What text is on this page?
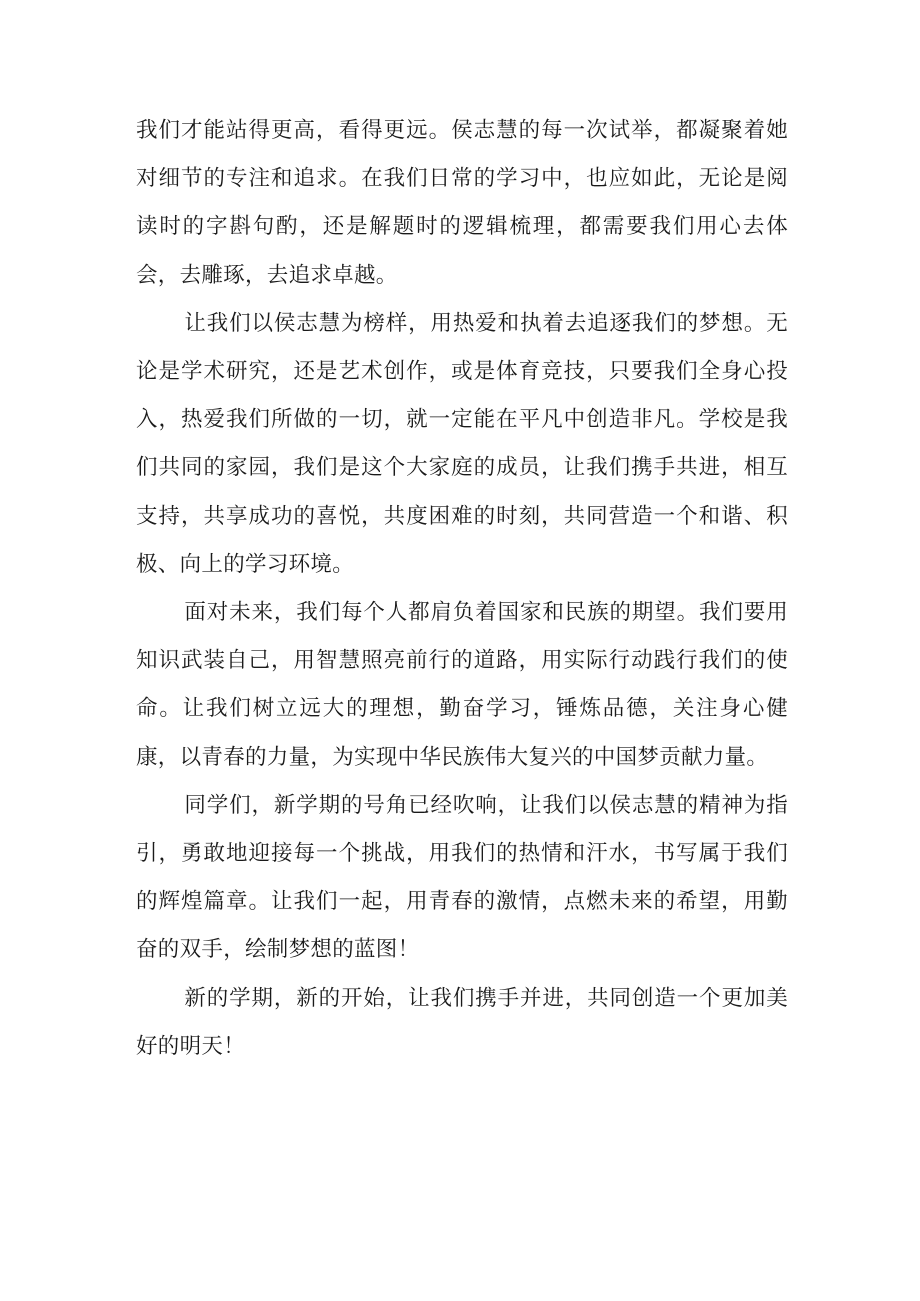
我们才能站得更高，看得更远。侯志慧的每一次试举，都凝聚着她对细节的专注和追求。在我们日常的学习中，也应如此，无论是阅读时的字斟句酌，还是解题时的逻辑梳理，都需要我们用心去体会，去雕琢，去追求卓越。

让我们以侯志慧为榜样，用热爱和执着去追逐我们的梦想。无论是学术研究，还是艺术创作，或是体育竞技，只要我们全身心投入，热爱我们所做的一切，就一定能在平凡中创造非凡。学校是我们共同的家园，我们是这个大家庭的成员，让我们携手共进，相互支持，共享成功的喜悦，共度困难的时刻，共同营造一个和谐、积极、向上的学习环境。

面对未来，我们每个人都肩负着国家和民族的期望。我们要用知识武装自己，用智慧照亮前行的道路，用实际行动践行我们的使命。让我们树立远大的理想，勤奋学习，锤炼品德，关注身心健康，以青春的力量，为实现中华民族伟大复兴的中国梦贡献力量。

同学们，新学期的号角已经吹响，让我们以侯志慧的精神为指引，勇敢地迎接每一个挑战，用我们的热情和汗水，书写属于我们的辉煌篇章。让我们一起，用青春的激情，点燃未来的希望，用勤奋的双手，绘制梦想的蓝图！

新的学期，新的开始，让我们携手并进，共同创造一个更加美好的明天！
